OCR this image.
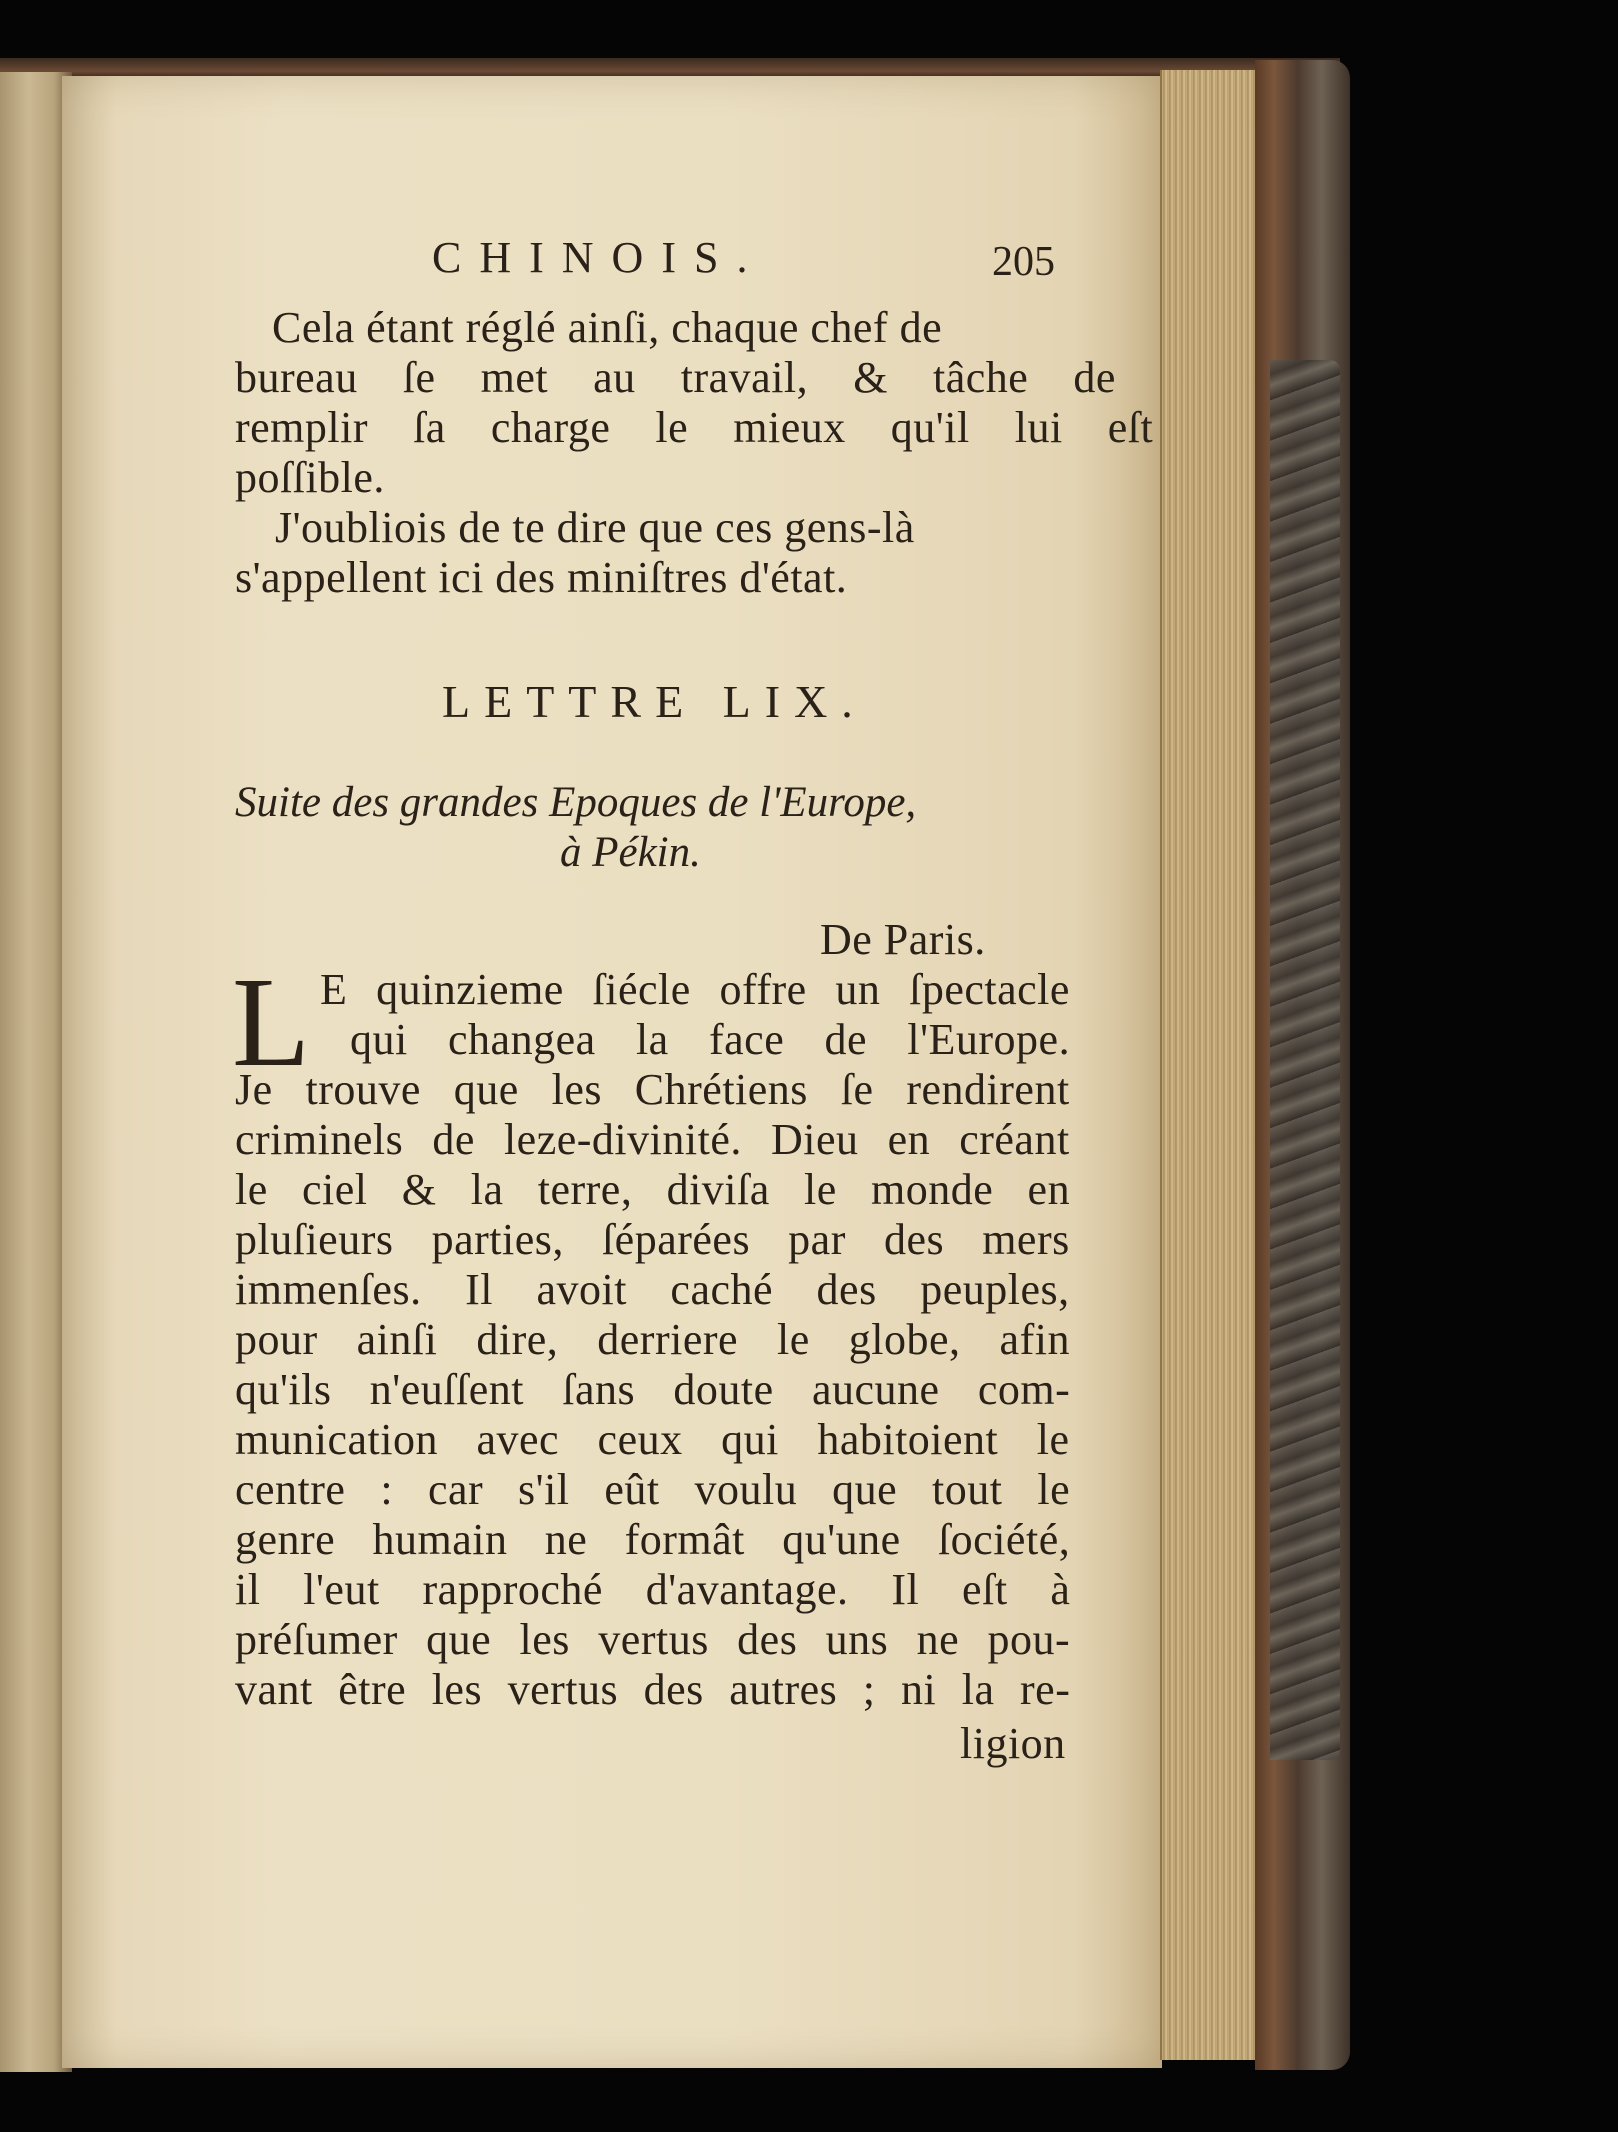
CHINOIS.	205
Cela étant réglé ainſi, chaque chef de
bureau ſe met au travail, & tâche de
remplir ſa charge le mieux qu'il lui eſt
poſſible.
J'oubliois de te dire que ces gens-là
s'appellent ici des miniſtres d'état.
LETTRE LIX.
Suite des grandes Epoques de l'Europe,
à Pékin.
De Paris.
L E quinzieme ſiécle offre un ſpectacle
qui changea la face de l'Europe.
Je trouve que les Chrétiens ſe rendirent
criminels de leze-divinité. Dieu en créant
le ciel & la terre, diviſa le monde en
pluſieurs parties, ſéparées par des mers
immenſes. Il avoit caché des peuples,
pour ainſi dire, derriere le globe, afin
qu'ils n'euſſent ſans doute aucune com-
munication avec ceux qui habitoient le
centre : car s'il eût voulu que tout le
genre humain ne formât qu'une ſociété,
il l'eut rapproché d'avantage. Il eſt à
préſumer que les vertus des uns ne pou-
vant être les vertus des autres ; ni la re-
ligion
